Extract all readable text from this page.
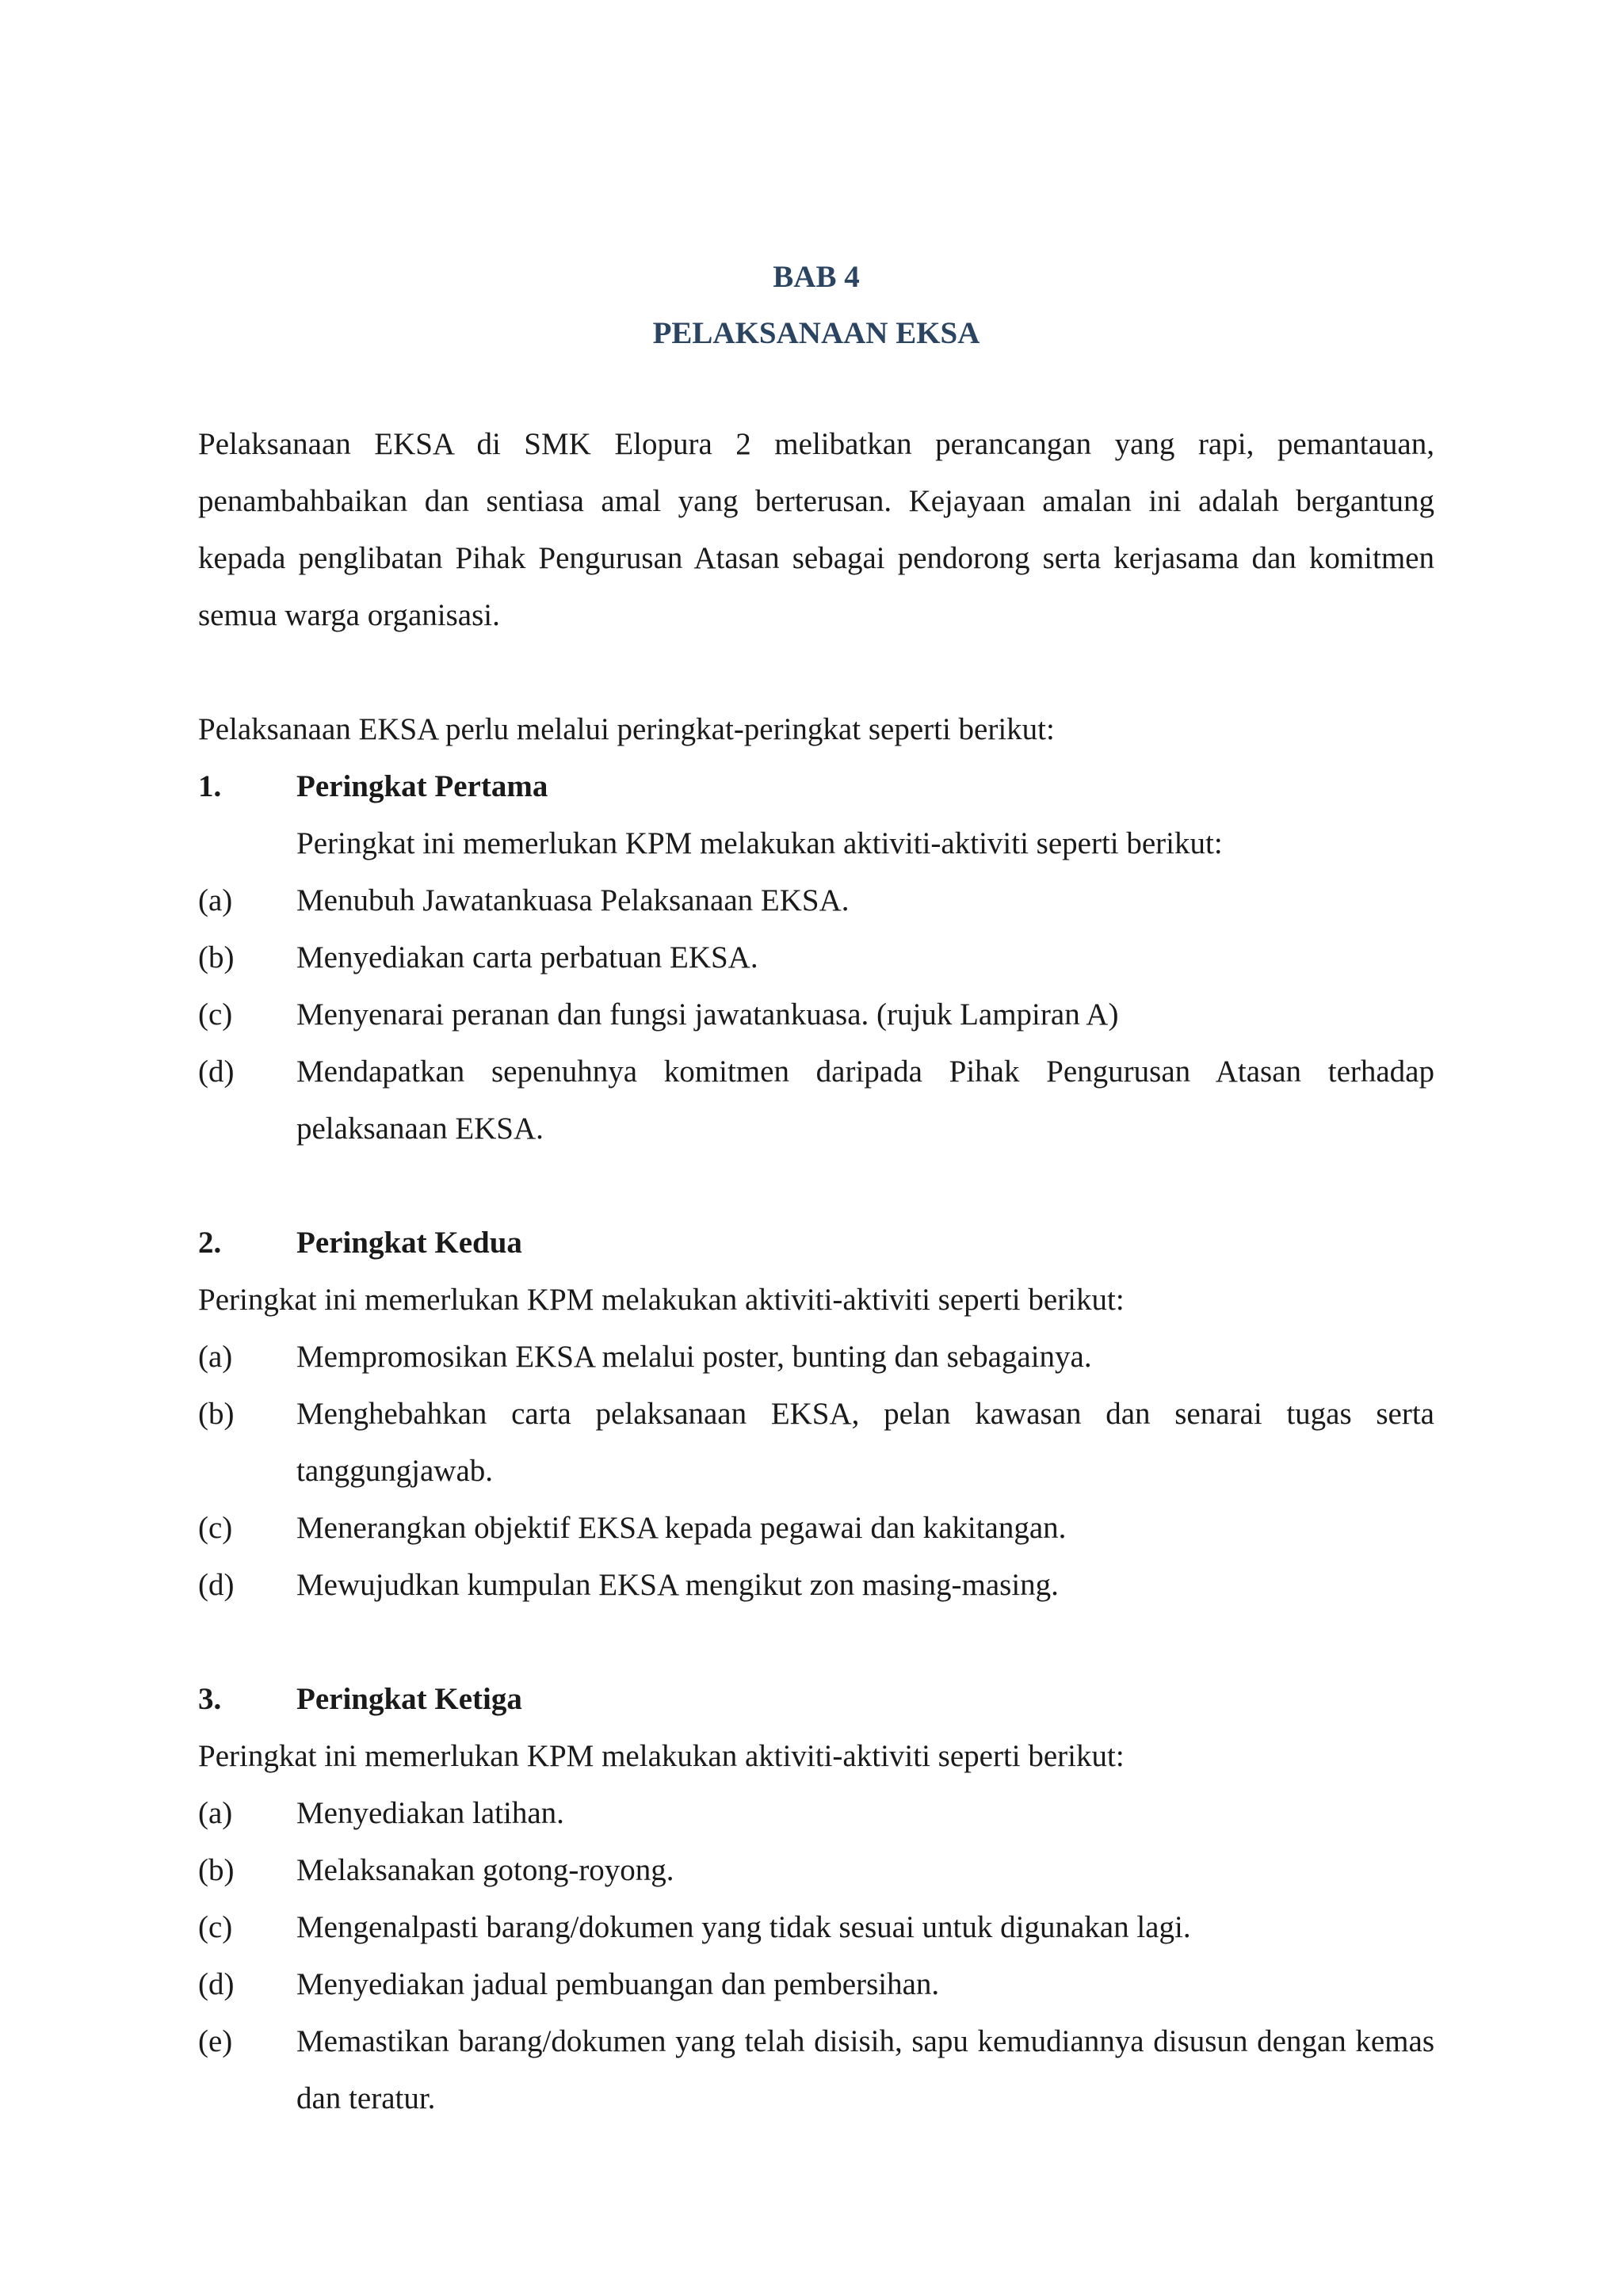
BAB 4
PELAKSANAAN EKSA
Pelaksanaan EKSA di SMK Elopura 2 melibatkan perancangan yang rapi, pemantauan, penambahbaikan dan sentiasa amal yang berterusan. Kejayaan amalan ini adalah bergantung kepada penglibatan Pihak Pengurusan Atasan sebagai pendorong serta kerjasama dan komitmen semua warga organisasi.
Pelaksanaan EKSA perlu melalui peringkat-peringkat seperti berikut:
1.	Peringkat Pertama
Peringkat ini memerlukan KPM melakukan aktiviti-aktiviti seperti berikut:
(a)	Menubuh Jawatankuasa Pelaksanaan EKSA.
(b)	Menyediakan carta perbatuan EKSA.
(c)	Menyenarai peranan dan fungsi jawatankuasa. (rujuk Lampiran A)
(d)	Mendapatkan sepenuhnya komitmen daripada Pihak Pengurusan Atasan terhadap pelaksanaan EKSA.
2.	Peringkat Kedua
Peringkat ini memerlukan KPM melakukan aktiviti-aktiviti seperti berikut:
(a)	Mempromosikan EKSA melalui poster, bunting dan sebagainya.
(b)	Menghebahkan carta pelaksanaan EKSA, pelan kawasan dan senarai tugas serta tanggungjawab.
(c)	Menerangkan objektif EKSA kepada pegawai dan kakitangan.
(d)	Mewujudkan kumpulan EKSA mengikut zon masing-masing.
3.	Peringkat Ketiga
Peringkat ini memerlukan KPM melakukan aktiviti-aktiviti seperti berikut:
(a)	Menyediakan latihan.
(b)	Melaksanakan gotong-royong.
(c)	Mengenalpasti barang/dokumen yang tidak sesuai untuk digunakan lagi.
(d)	Menyediakan jadual pembuangan dan pembersihan.
(e)	Memastikan barang/dokumen yang telah disisih, sapu kemudiannya disusun dengan kemas dan teratur.
